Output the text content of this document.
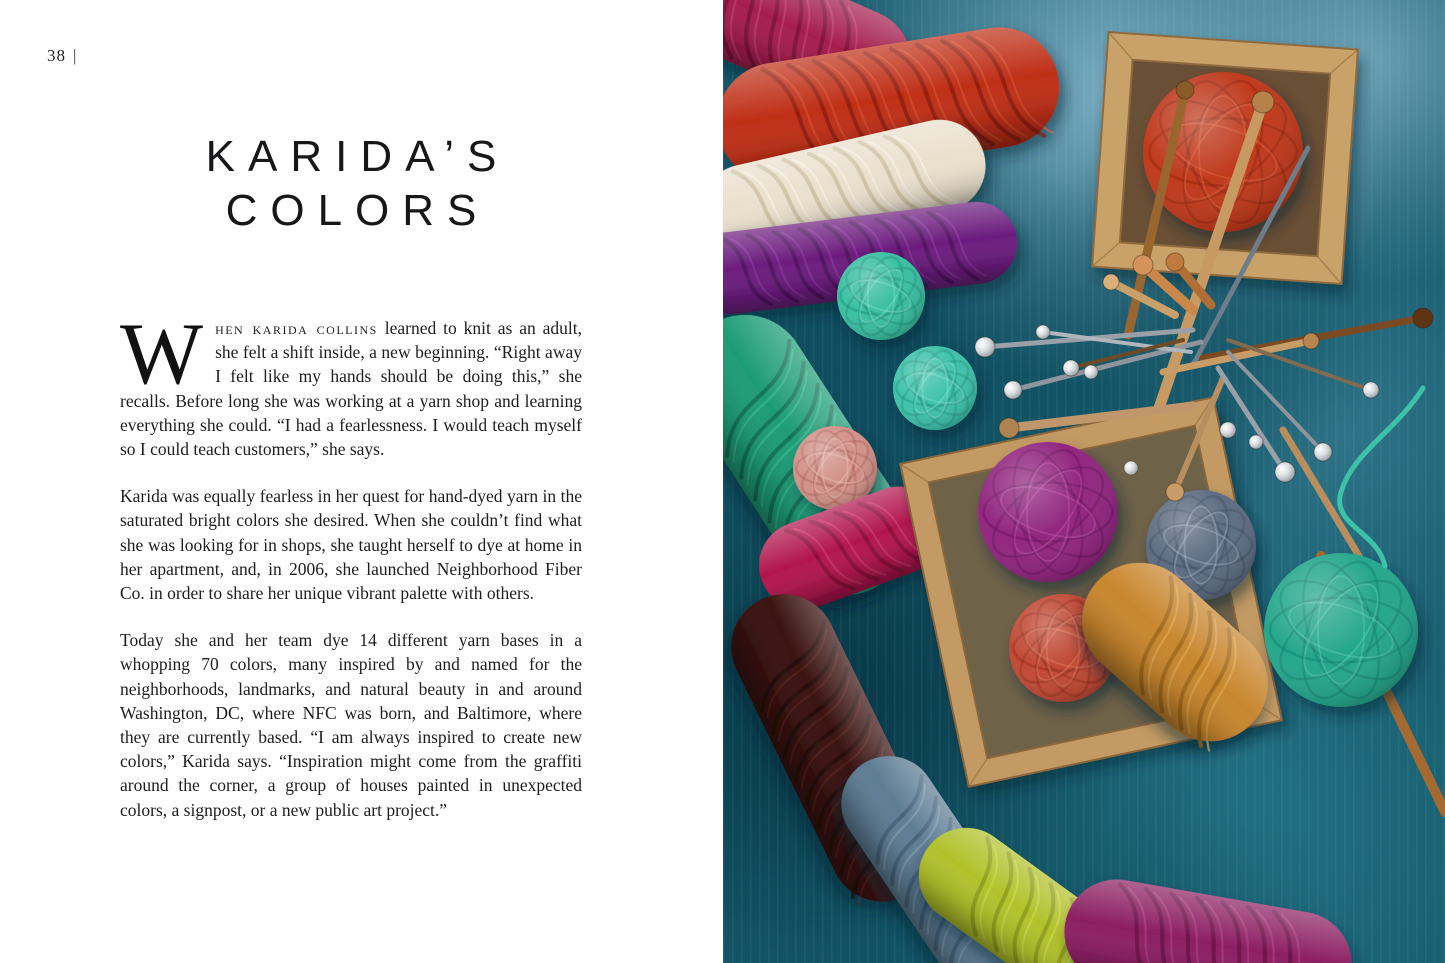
38 |
KARIDA’S
COLORS

When karida collins learned to knit as an adult, she felt a shift inside, a new beginning. “Right away I felt like my hands should be doing this,” she recalls. Before long she was working at a yarn shop and learning everything she could. “I had a fearlessness. I would teach myself so I could teach customers,” she says.

Karida was equally fearless in her quest for hand-dyed yarn in the saturated bright colors she desired. When she couldn’t find what she was looking for in shops, she taught herself to dye at home in her apartment, and, in 2006, she launched Neighborhood Fiber Co. in order to share her unique vibrant palette with others.

Today she and her team dye 14 different yarn bases in a whopping 70 colors, many inspired by and named for the neighborhoods, landmarks, and natural beauty in and around Washington, DC, where NFC was born, and Baltimore, where they are currently based. “I am always inspired to create new colors,” Karida says. “Inspiration might come from the graffiti around the corner, a group of houses painted in unexpected colors, a signpost, or a new public art project.”
